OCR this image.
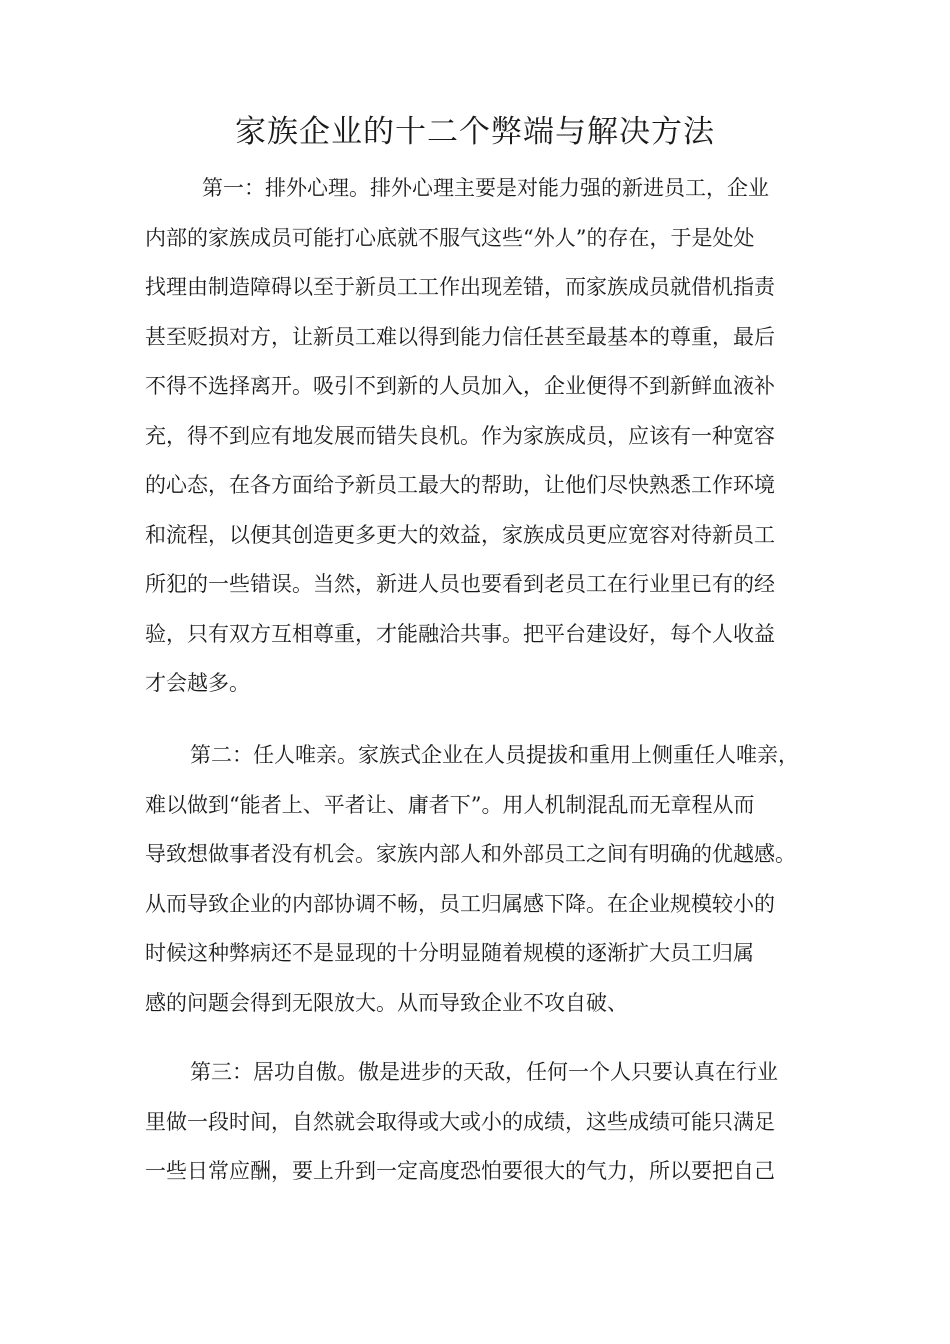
家族企业的十二个弊端与解决方法
第一：排外心理。排外心理主要是对能力强的新进员工，企业
内部的家族成员可能打心底就不服气这些“外人”的存在，于是处处
找理由制造障碍以至于新员工工作出现差错，而家族成员就借机指责
甚至贬损对方，让新员工难以得到能力信任甚至最基本的尊重，最后
不得不选择离开。吸引不到新的人员加入，企业便得不到新鲜血液补
充，得不到应有地发展而错失良机。作为家族成员，应该有一种宽容
的心态，在各方面给予新员工最大的帮助，让他们尽快熟悉工作环境
和流程，以便其创造更多更大的效益，家族成员更应宽容对待新员工
所犯的一些错误。当然，新进人员也要看到老员工在行业里已有的经
验，只有双方互相尊重，才能融洽共事。把平台建设好，每个人收益
才会越多。
第二：任人唯亲。家族式企业在人员提拔和重用上侧重任人唯亲，
难以做到“能者上、平者让、庸者下”。用人机制混乱而无章程从而
导致想做事者没有机会。家族内部人和外部员工之间有明确的优越感。
从而导致企业的内部协调不畅，员工归属感下降。在企业规模较小的
时候这种弊病还不是显现的十分明显随着规模的逐渐扩大员工归属
感的问题会得到无限放大。从而导致企业不攻自破、
第三：居功自傲。傲是进步的天敌，任何一个人只要认真在行业
里做一段时间，自然就会取得或大或小的成绩，这些成绩可能只满足
一些日常应酬，要上升到一定高度恐怕要很大的气力，所以要把自己
